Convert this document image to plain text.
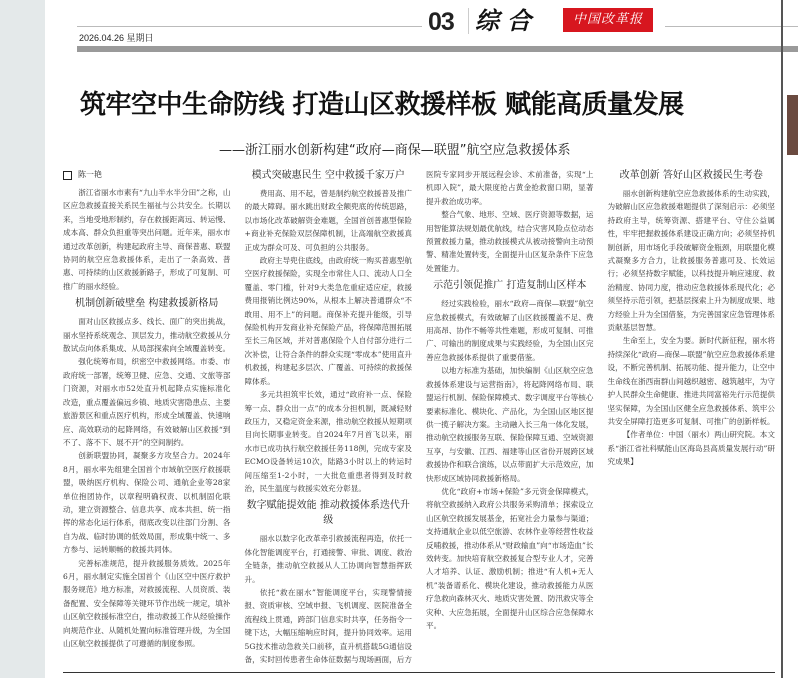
2026.04.26 星期日
03 综合	中国改革报
筑牢空中生命防线 打造山区救援样板 赋能高质量发展
——浙江丽水创新构建“政府—商保—联盟”航空应急救援体系
陈一艳

浙江省丽水市素有“九山半水半分田”之称，山区应急救援直接关系民生福祉与公共安全。长期以来，当地受地形制约，存在救援距离远、转运慢、成本高、群众负担重等突出问题。近年来，丽水市通过改革创新，构建起政府主导、商保普惠、联盟协同的航空应急救援体系，走出了一条高效、普惠、可持续的山区救援新路子，形成了可复制、可推广的丽水经验。

机制创新破壁垒 构建救援新格局

面对山区救援点多、线长、面广的突出挑战，丽水坚持系统观念、顶层发力，推动航空救援从分散试点向体系集成、从局部探索向全域覆盖转变。

强化统筹布局，织密空中救援网络。市委、市政府统一部署，统筹卫健、应急、交通、文旅等部门资源，对丽水市52处直升机起降点实施标准化改造，重点覆盖偏远乡镇、地质灾害隐患点、主要旅游景区和重点医疗机构，形成全域覆盖、快速响应、高效联动的起降网络，有效破解山区救援“到不了、落不下、展不开”的空间制约。

创新联盟协同，凝聚多方攻坚合力。2024年8月，丽水率先组建全国首个市域航空医疗救援联盟，吸纳医疗机构、保险公司、通航企业等28家单位抱团协作，以章程明确权责、以机制固化联动，建立资源整合、信息共享、成本共担、统一指挥的常态化运行体系，彻底改变以往部门分割、各自为战、临时协调的低效局面，形成集中统一、多方参与、运转顺畅的救援共同体。

完善标准规范，提升救援服务质效。2025年6月，丽水制定实施全国首个《山区空中医疗救护服务规范》地方标准，对救援流程、人员资质、装备配置、安全保障等关键环节作出统一规定，填补山区航空救援标准空白，推动救援工作从经验操作向规范作业、从随机处置向标准管理升级，为全国山区航空救援提供了可遵循的制度参照。

模式突破惠民生 空中救援千家万户

费用高、用不起，曾是制约航空救援普及推广的最大障碍。丽水跳出财政全额兜底的传统思路，以市场化改革破解资金难题，全国首创普惠型保险+商业补充保险双层保障机制，让高端航空救援真正成为群众可及、可负担的公共服务。

政府主导兜住底线，由政府统一购买普惠型航空医疗救援保险，实现全市常住人口、流动人口全覆盖、零门槛，针对9大类急危重症适应症，救援费用报销比例达90%，从根本上解决普通群众“不敢用、用不上”的问题。商保补充提升能级，引导保险机构开发商业补充保险产品，将保障范围拓展至长三角区域，并对普惠保险个人自付部分进行二次补偿，让符合条件的群众实现“零成本”使用直升机救援，构建起多层次、广覆盖、可持续的救援保障体系。

多元共担筑牢长效，通过“政府补一点、保险筹一点、群众出一点”的成本分担机制，既减轻财政压力，又稳定资金来源，推动航空救援从短期项目向长期事业转变。自2024年7月首飞以来，丽水市已成功执行航空救援任务118例，完成专家及ECMO设备转运10次，陆路3小时以上的转运时间压缩至1-2小时，一大批危重患者得到及时救治，民生温度与救援实效充分彰显。

数字赋能提效能 推动救援体系迭代升级

丽水以数字化改革牵引救援流程再造，依托一体化智能调度平台，打通接警、审批、调度、救治全链条，推动航空救援从人工协调向智慧指挥跃升。

依托“救在丽水”智能调度平台，实现警情接报、资质审核、空域申报、飞机调度、医院准备全流程线上贯通，跨部门信息实时共享，任务指令一键下达，大幅压缩响应时间，提升协同效率。运用5G技术推动急救关口前移，直升机搭载5G通信设备，实时回传患者生命体征数据与现场画面，后方医院专家同步开展远程会诊、术前准备，实现“上机即入院”，最大限度抢占黄金抢救窗口期，显著提升救治成功率。

整合气象、地形、空域、医疗资源等数据，运用智能算法规划最优航线，结合灾害风险点位动态预置救援力量，推动救援模式从被动接警向主动预警、精准处置转变，全面提升山区复杂条件下应急处置能力。

示范引领促推广 打造复制山区样本

经过实践检验，丽水“政府—商保—联盟”航空应急救援模式，有效破解了山区救援覆盖不足、费用高昂、协作不畅等共性难题，形成可复制、可推广、可输出的制度成果与实践经验，为全国山区完善应急救援体系提供了重要借鉴。

以地方标准为基础，加快编制《山区航空应急救援体系建设与运营指南》，将起降网络布局、联盟运行机制、保险保障模式、数字调度平台等核心要素标准化、模块化、产品化，为全国山区地区提供一揽子解决方案。主动融入长三角一体化发展，推动航空救援服务互联、保险保障互通、空域资源互享，与安徽、江西、福建等山区省份开展跨区域救援协作和联合演练，以点带面扩大示范效应，加快形成区域协同救援新格局。

优化“政府+市场+保险”多元资金保障模式，将航空救援纳入政府公共服务采购清单；探索设立山区航空救援发展基金，拓宽社会力量参与渠道；支持通航企业以低空旅游、农林作业等经营性收益反哺救援，推动体系从“财政输血”向“市场造血”长效转变。加快培育航空救援复合型专业人才，完善人才培养、认证、激励机制；推进“有人机+无人机”装备谱系化、模块化建设，推动救援能力从医疗急救向森林灭火、地质灾害处置、防汛救灾等全灾种、大应急拓展，全面提升山区综合应急保障水平。

改革创新 答好山区救援民生考卷

丽水创新构建航空应急救援体系的生动实践，为破解山区应急救援难题提供了深刻启示：必须坚持政府主导，统筹资源、搭建平台、守住公益属性，牢牢把握救援体系建设正确方向；必须坚持机制创新，用市场化手段破解资金瓶颈，用联盟化模式凝聚多方合力，让救援服务普惠可及、长效运行；必须坚持数字赋能，以科技提升响应速度、救治精度、协同力度，推动应急救援体系现代化；必须坚持示范引领，把基层探索上升为制度成果、地方经验上升为全国借鉴，为完善国家应急管理体系贡献基层智慧。

生命至上，安全为要。新时代新征程，丽水将持续深化“政府—商保—联盟”航空应急救援体系建设，不断完善机制、拓展功能、提升能力，让空中生命线在浙西南群山间越织越密、越筑越牢，为守护人民群众生命健康、推进共同富裕先行示范提供坚实保障，为全国山区健全应急救援体系、筑牢公共安全屏障打造更多可复制、可推广的创新样板。

【作者单位：中国（丽水）两山研究院。本文系“浙江省社科赋能山区海岛县高质量发展行动”研究成果】
